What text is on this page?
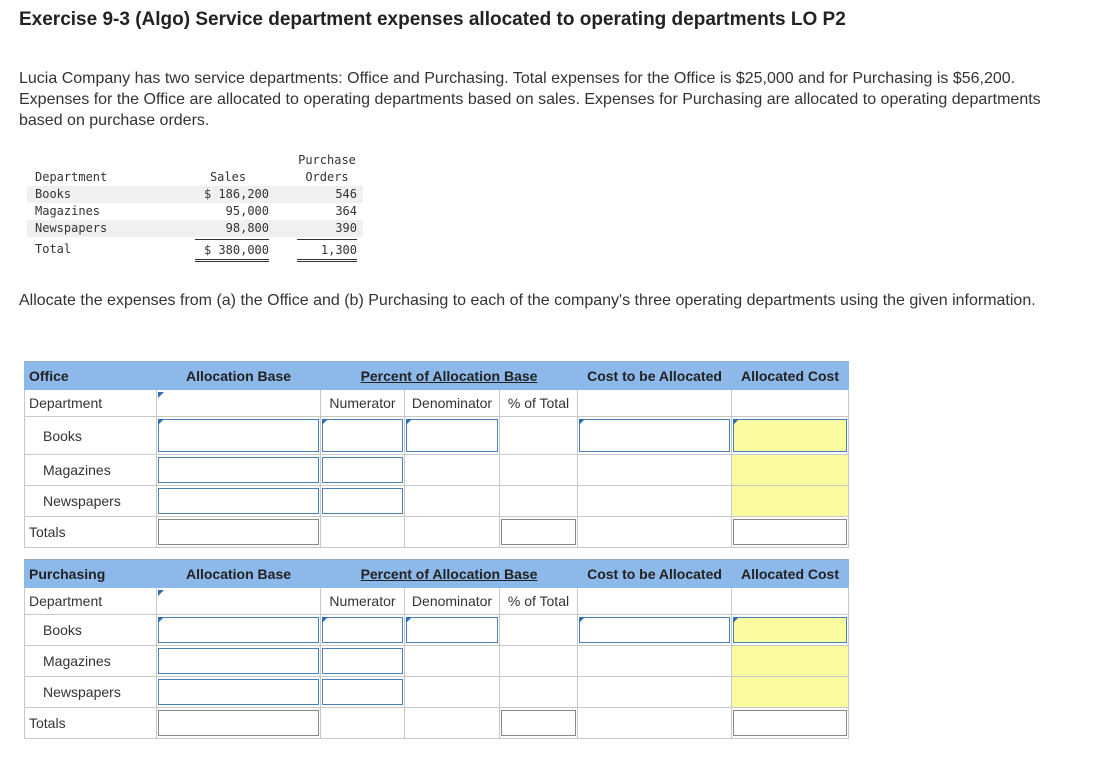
Exercise 9-3 (Algo) Service department expenses allocated to operating departments LO P2

Lucia Company has two service departments: Office and Purchasing. Total expenses for the Office is $25,000 and for Purchasing is $56,200. Expenses for the Office are allocated to operating departments based on sales. Expenses for Purchasing are allocated to operating departments based on purchase orders.

Purchase
Department	Sales	Orders
Books	$ 186,200	546
Magazines	95,000	364
Newspapers	98,800	390
Total	$ 380,000	1,300

Allocate the expenses from (a) the Office and (b) Purchasing to each of the company's three operating departments using the given information.

Office	Allocation Base	Percent of Allocation Base			Cost to be Allocated	Allocated Cost
Department		Numerator	Denominator	% of Total		
Books	

Magazines	

Newspapers	

Totals	

Purchasing	Allocation Base	Percent of Allocation Base			Cost to be Allocated	Allocated Cost
Department		Numerator	Denominator	% of Total		
Books	

Magazines	

Newspapers	

Totals	
